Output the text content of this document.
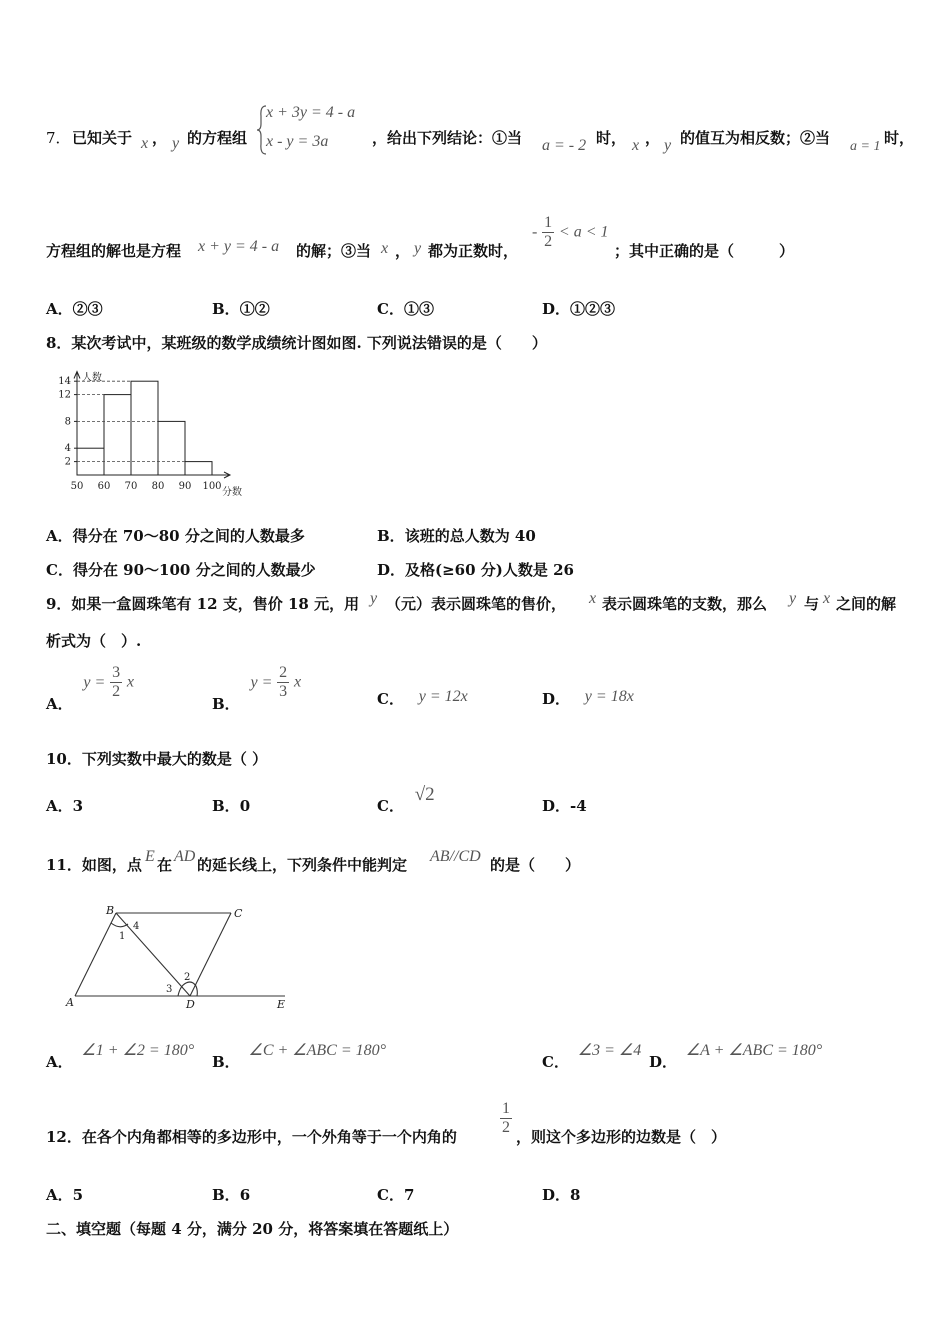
7． 已知关于 x ， y 的方程组
x + 3y = 4 - a
x - y = 3a	，给出下列结论：①当 a = - 2 时， x ， y 的值互为相反数；②当 a = 1 时，
方程组的解也是方程 x + y = 4 - a 的解；③当 x ， y 都为正数时，
- $\frac{1}{2} < a < 1$
；其中正确的是（　　　）
A．②③	B．①②	C．①③	D．①②③
8．某次考试中，某班级的数学成绩统计图如图. 下列说法错误的是（　　）
2
4
8
12
14
50 60 70 80 90 100
人数
分数
A．得分在 70～80 分之间的人数最多	B．该班的总人数为 40
C．得分在 90～100 分之间的人数最少	D．及格(≥60 分)人数是 26
9．如果一盒圆珠笔有 12 支，售价 18 元，用 y （元）表示圆珠笔的售价， x 表示圆珠笔的支数，那么 y 与 x 之间的解
析式为（　）.
A． $y = \frac{3}{2}$ x
B． $y = \frac{2}{3}$ x
C． y = 12x	D． y = 18x
10．下列实数中最大的数是（ ）
A．3	B．0	C． √2
D．-4
11．如图，点 E 在 AD 的延长线上，下列条件中能判定 AB//CD 的是（　　）
B	C
A	D	E
1
2
3
4
A． ∠1 + ∠2 = 180°
B． ∠C + ∠ABC = 180°
C． ∠3 = ∠4
D． ∠A + ∠ABC = 180°
12．在各个内角都相等的多边形中，一个外角等于一个内角的	$\frac{1}{2}$ ，则这个多边形的边数是（　）
A．5	B．6	C．7	D．8
二、填空题（每题 4 分，满分 20 分，将答案填在答题纸上）
